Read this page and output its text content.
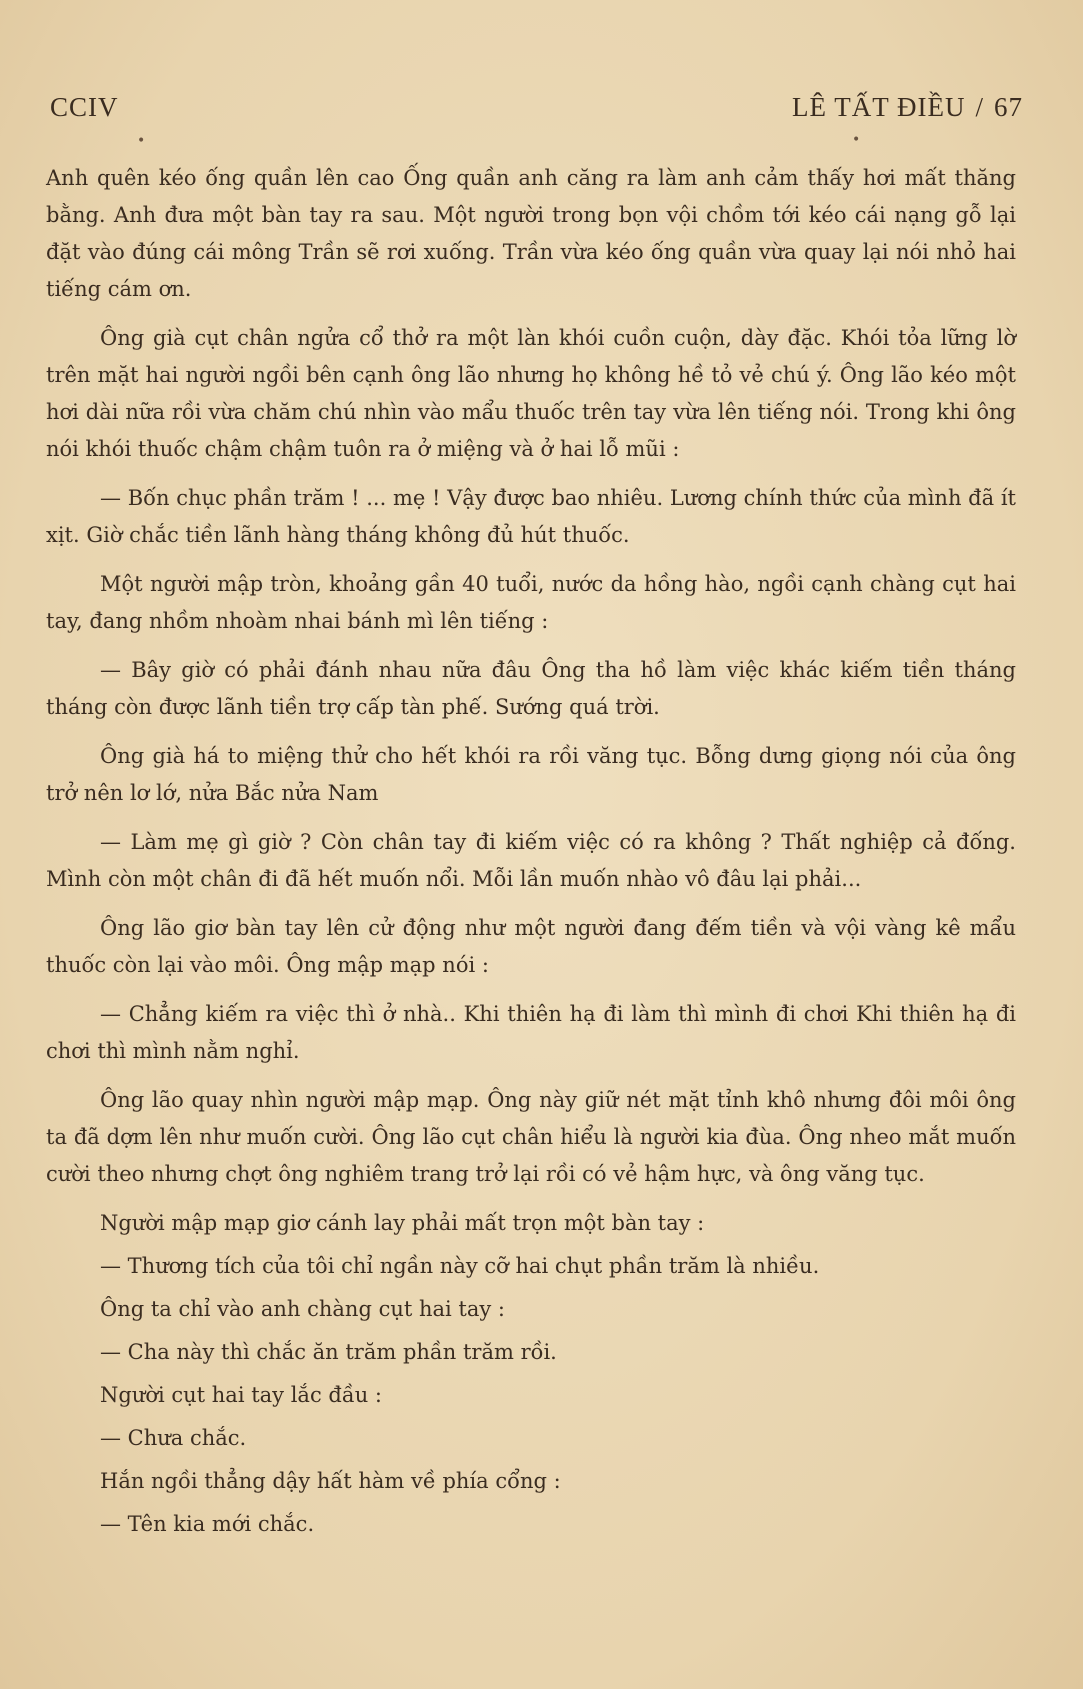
CCIV	LÊ TẤT ĐIỀU / 67
•	•

Anh quên kéo ống quần lên cao Ống quần anh căng ra làm anh cảm thấy hơi mất thăng bằng. Anh đưa một bàn tay ra sau. Một người trong bọn vội chồm tới kéo cái nạng gỗ lại đặt vào đúng cái mông Trần sẽ rơi xuống. Trần vừa kéo ống quần vừa quay lại nói nhỏ hai tiếng cám ơn.

Ông già cụt chân ngửa cổ thở ra một làn khói cuồn cuộn, dày đặc. Khói tỏa lững lờ trên mặt hai người ngồi bên cạnh ông lão nhưng họ không hề tỏ vẻ chú ý. Ông lão kéo một hơi dài nữa rồi vừa chăm chú nhìn vào mẩu thuốc trên tay vừa lên tiếng nói. Trong khi ông nói khói thuốc chậm chậm tuôn ra ở miệng và ở hai lỗ mũi :

— Bốn chục phần trăm ! ... mẹ ! Vậy được bao nhiêu. Lương chính thức của mình đã ít xịt. Giờ chắc tiền lãnh hàng tháng không đủ hút thuốc.

Một người mập tròn, khoảng gần 40 tuổi, nước da hồng hào, ngồi cạnh chàng cụt hai tay, đang nhồm nhoàm nhai bánh mì lên tiếng :

— Bây giờ có phải đánh nhau nữa đâu Ông tha hồ làm việc khác kiếm tiền tháng tháng còn được lãnh tiền trợ cấp tàn phế. Sướng quá trời.

Ông già há to miệng thử cho hết khói ra rồi văng tục. Bỗng dưng giọng nói của ông trở nên lơ lớ, nửa Bắc nửa Nam

— Làm mẹ gì giờ ? Còn chân tay đi kiếm việc có ra không ? Thất nghiệp cả đống. Mình còn một chân đi đã hết muốn nổi. Mỗi lần muốn nhào vô đâu lại phải...

Ông lão giơ bàn tay lên cử động như một người đang đếm tiền và vội vàng kê mẩu thuốc còn lại vào môi. Ông mập mạp nói :

— Chẳng kiếm ra việc thì ở nhà.. Khi thiên hạ đi làm thì mình đi chơi Khi thiên hạ đi chơi thì mình nằm nghỉ.

Ông lão quay nhìn người mập mạp. Ông này giữ nét mặt tỉnh khô nhưng đôi môi ông ta đã dợm lên như muốn cười. Ông lão cụt chân hiểu là người kia đùa. Ông nheo mắt muốn cười theo nhưng chợt ông nghiêm trang trở lại rồi có vẻ hậm hực, và ông văng tục.

Người mập mạp giơ cánh lay phải mất trọn một bàn tay :

— Thương tích của tôi chỉ ngần này cỡ hai chụt phần trăm là nhiều.

Ông ta chỉ vào anh chàng cụt hai tay :

— Cha này thì chắc ăn trăm phần trăm rồi.

Người cụt hai tay lắc đầu :

— Chưa chắc.

Hắn ngồi thẳng dậy hất hàm về phía cổng :

— Tên kia mới chắc.
